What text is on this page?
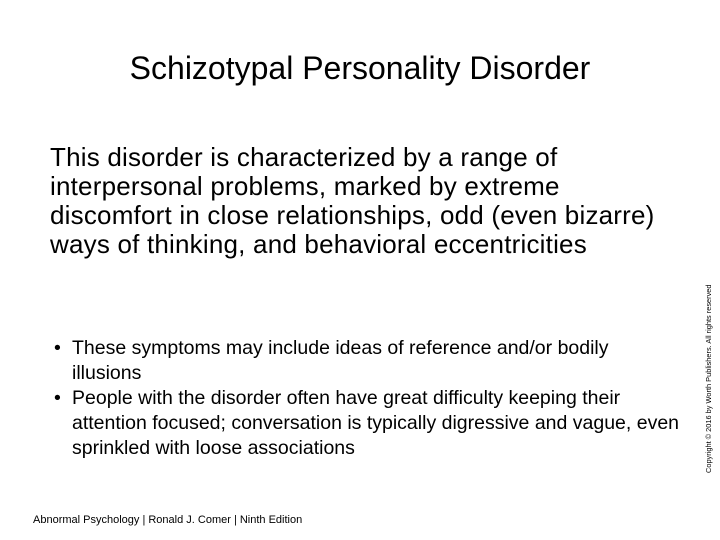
Schizotypal Personality Disorder

This disorder is characterized by a range of interpersonal problems, marked by extreme discomfort in close relationships, odd (even bizarre) ways of thinking, and behavioral eccentricities

• These symptoms may include ideas of reference and/or bodily illusions
• People with the disorder often have great difficulty keeping their attention focused; conversation is typically digressive and vague, even sprinkled with loose associations
Abnormal Psychology | Ronald J. Comer | Ninth Edition
Copyright © 2016 by Worth Publishers. All rights reserved
